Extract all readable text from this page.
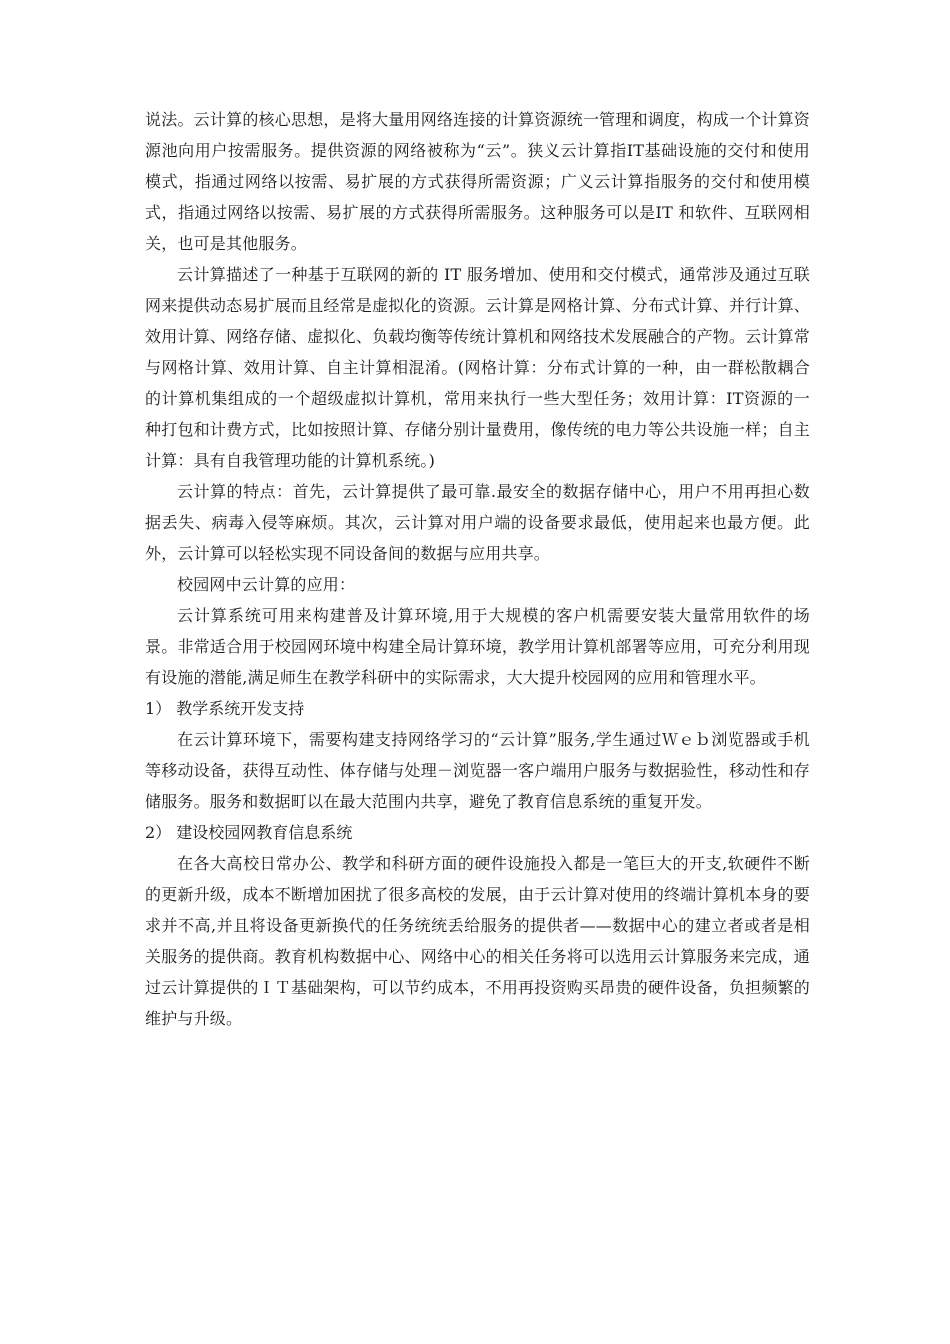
说法。云计算的核心思想，是将大量用网络连接的计算资源统一管理和调度，构成一个计算资源池向用户按需服务。提供资源的网络被称为“云”。狭义云计算指IT基础设施的交付和使用模式，指通过网络以按需、易扩展的方式获得所需资源；广义云计算指服务的交付和使用模式，指通过网络以按需、易扩展的方式获得所需服务。这种服务可以是IT 和软件、互联网相关，也可是其他服务。

云计算描述了一种基于互联网的新的 IT 服务增加、使用和交付模式，通常涉及通过互联网来提供动态易扩展而且经常是虚拟化的资源。云计算是网格计算、分布式计算、并行计算、效用计算、网络存储、虚拟化、负载均衡等传统计算机和网络技术发展融合的产物。云计算常与网格计算、效用计算、自主计算相混淆。(网格计算：分布式计算的一种，由一群松散耦合的计算机集组成的一个超级虚拟计算机，常用来执行一些大型任务；效用计算：IT资源的一种打包和计费方式，比如按照计算、存储分别计量费用，像传统的电力等公共设施一样；自主计算：具有自我管理功能的计算机系统。)

云计算的特点：首先，云计算提供了最可靠.最安全的数据存储中心，用户不用再担心数据丢失、病毒入侵等麻烦。其次，云计算对用户端的设备要求最低，使用起来也最方便。此外，云计算可以轻松实现不同设备间的数据与应用共享。

校园网中云计算的应用：

云计算系统可用来构建普及计算环境,用于大规模的客户机需要安装大量常用软件的场景。非常适合用于校园网环境中构建全局计算环境，教学用计算机部署等应用，可充分利用现有设施的潜能,满足师生在教学科研中的实际需求，大大提升校园网的应用和管理水平。

1） 教学系统开发支持

在云计算环境下，需要构建支持网络学习的“云计算”服务,学生通过Ｗｅｂ浏览器或手机等移动设备，获得互动性、体存储与处理－浏览器一客户端用户服务与数据验性，移动性和存储服务。服务和数据町以在最大范围内共享，避免了教育信息系统的重复开发。

2） 建设校园网教育信息系统

在各大高校日常办公、教学和科研方面的硬件设施投入都是一笔巨大的开支,软硬件不断的更新升级，成本不断增加困扰了很多高校的发展，由于云计算对使用的终端计算机本身的要求并不高,并且将设备更新换代的任务统统丢给服务的提供者——数据中心的建立者或者是相关服务的提供商。教育机构数据中心、网络中心的相关任务将可以选用云计算服务来完成，通过云计算提供的ＩＴ基础架构，可以节约成本，不用再投资购买昂贵的硬件设备，负担频繁的维护与升级。
